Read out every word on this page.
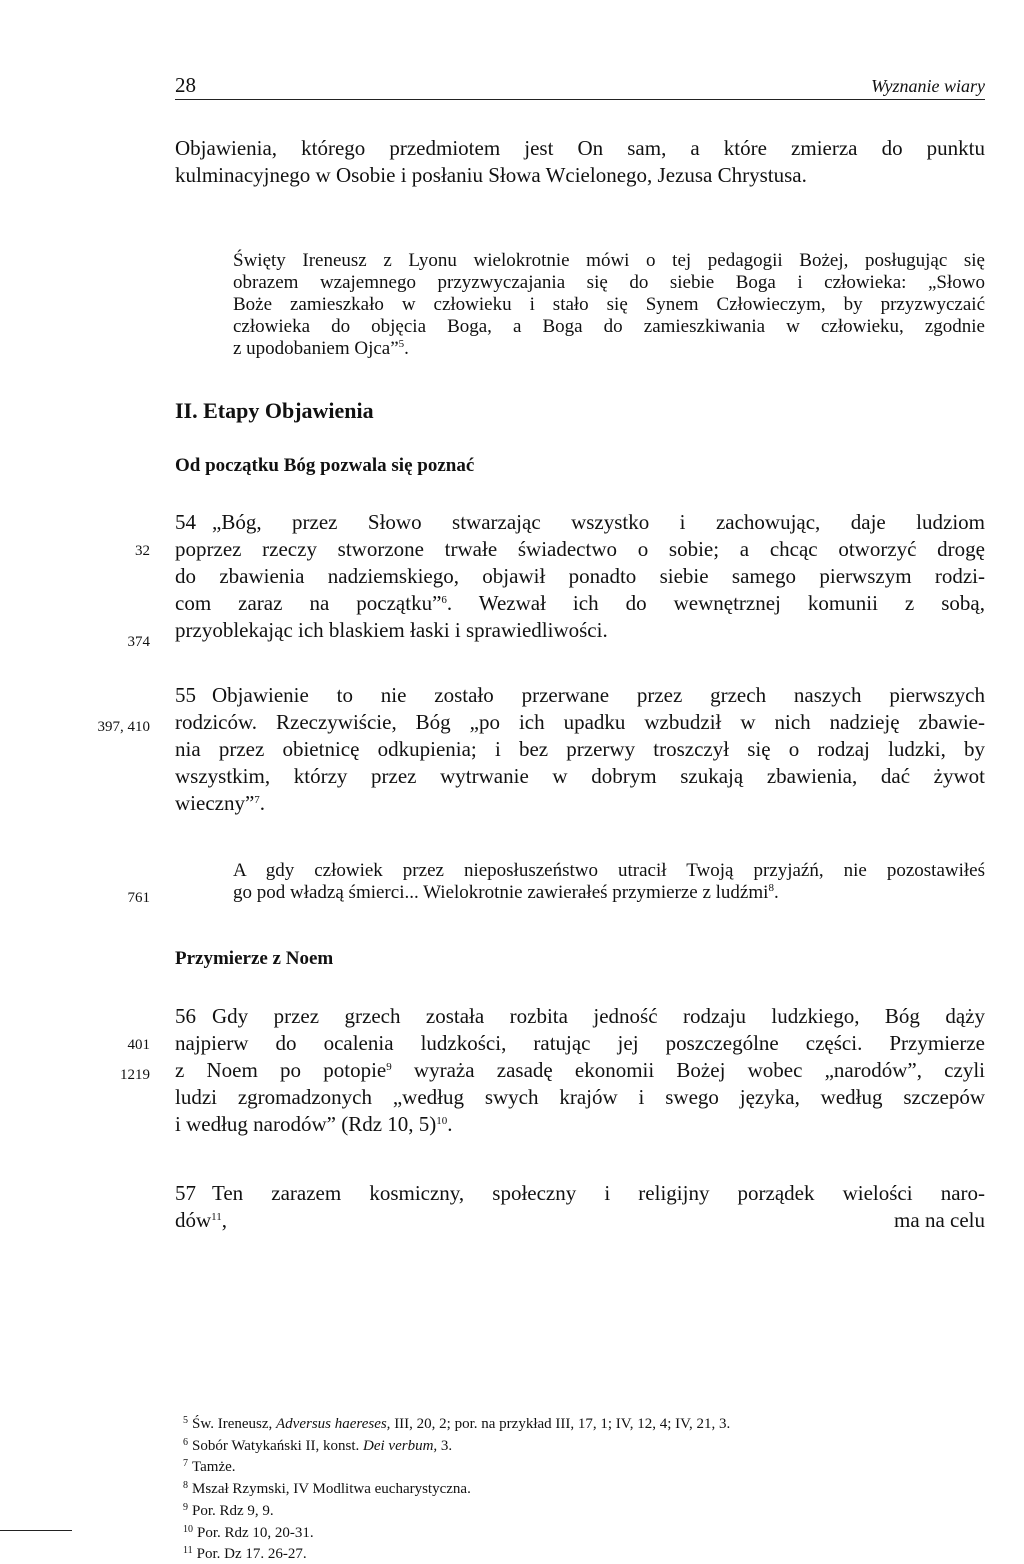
28	Wyznanie wiary
Objawienia, którego przedmiotem jest On sam, a które zmierza do punktu
kulminacyjnego w Osobie i posłaniu Słowa Wcielonego, Jezusa Chrystusa.
Święty Ireneusz z Lyonu wielokrotnie mówi o tej pedagogii Bożej, posługując się
obrazem wzajemnego przyzwyczajania się do siebie Boga i człowieka: „Słowo
Boże zamieszkało w człowieku i stało się Synem Człowieczym, by przyzwyczaić
człowieka do objęcia Boga, a Boga do zamieszkiwania w człowieku, zgodnie
z upodobaniem Ojca”$^5$.
II. Etapy Objawienia
Od początku Bóg pozwala się poznać
54 „Bóg, przez Słowo stwarzając wszystko i zachowując, daje ludziom
poprzez rzeczy stworzone trwałe świadectwo o sobie; a chcąc otworzyć drogę
do zbawienia nadziemskiego, objawił ponadto siebie samego pierwszym rodzi-
com zaraz na początku”$^6$. Wezwał ich do wewnętrznej komunii z sobą,
przyoblekając ich blaskiem łaski i sprawiedliwości.
55 Objawienie to nie zostało przerwane przez grzech naszych pierwszych
rodziców. Rzeczywiście, Bóg „po ich upadku wzbudził w nich nadzieję zbawie-
nia przez obietnicę odkupienia; i bez przerwy troszczył się o rodzaj ludzki, by
wszystkim, którzy przez wytrwanie w dobrym szukają zbawienia, dać żywot
wieczny”$^7$.
A gdy człowiek przez nieposłuszeństwo utracił Twoją przyjaźń, nie pozostawiłeś
go pod władzą śmierci... Wielokrotnie zawierałeś przymierze z ludźmi$^8$.
Przymierze z Noem
56 Gdy przez grzech została rozbita jedność rodzaju ludzkiego, Bóg dąży
najpierw do ocalenia ludzkości, ratując jej poszczególne części. Przymierze
z Noem po potopie$^9$ wyraża zasadę ekonomii Bożej wobec „narodów”, czyli
ludzi zgromadzonych „według swych krajów i swego języka, według szczepów
i według narodów” (Rdz 10, 5)$^{10}$.
57 Ten zarazem kosmiczny, społeczny i religijny porządek wielości naro-
dów$^{11}$,	ma na celu
32
374
397, 410
761
401
1219
$^5$ Św. Ireneusz, Adversus haereses, III, 20, 2; por. na przykład III, 17, 1; IV, 12, 4; IV, 21, 3.
$^6$ Sobór Watykański II, konst. Dei verbum, 3.
$^7$ Tamże.
$^8$ Mszał Rzymski, IV Modlitwa eucharystyczna.
$^9$ Por. Rdz 9, 9.
$^{10}$ Por. Rdz 10, 20-31.
$^{11}$ Por. Dz 17. 26-27.
